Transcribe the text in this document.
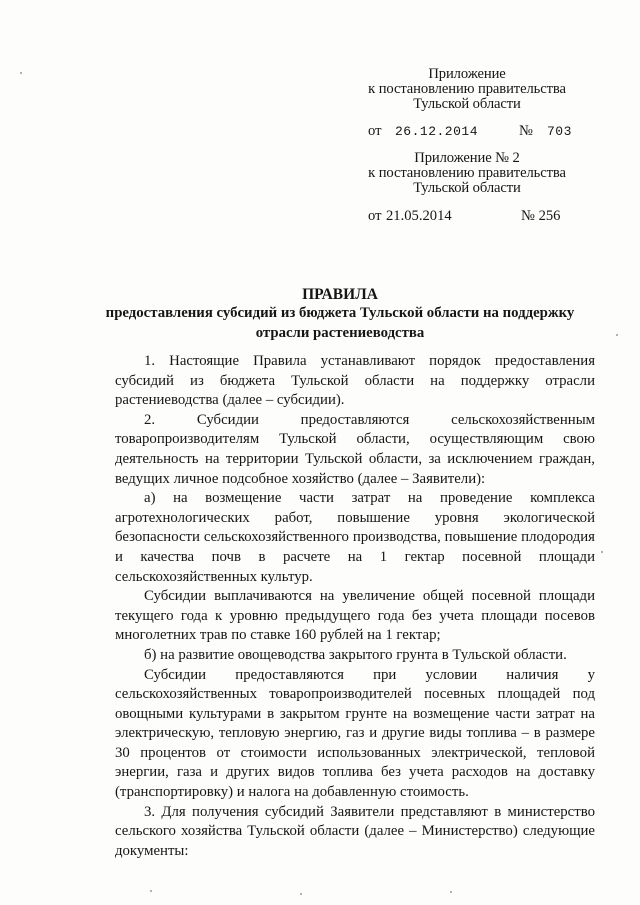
Приложение
к постановлению правительства
Тульской области
от 26.12.2014	№ 703
Приложение № 2
к постановлению правительства
Тульской области
от 21.05.2014	№ 256
ПРАВИЛА
предоставления субсидий из бюджета Тульской области на поддержку отрасли растениеводства

1. Настоящие Правила устанавливают порядок предоставления субсидий из бюджета Тульской области на поддержку отрасли растениеводства (далее – субсидии).

2. Субсидии предоставляются сельскохозяйственным товаропроизводителям Тульской области, осуществляющим свою деятельность на территории Тульской области, за исключением граждан, ведущих личное подсобное хозяйство (далее – Заявители):

а) на возмещение части затрат на проведение комплекса агротехнологических работ, повышение уровня экологической безопасности сельскохозяйственного производства, повышение плодородия и качества почв в расчете на 1 гектар посевной площади сельскохозяйственных культур.

Субсидии выплачиваются на увеличение общей посевной площади текущего года к уровню предыдущего года без учета площади посевов многолетних трав по ставке 160 рублей на 1 гектар;

б) на развитие овощеводства закрытого грунта в Тульской области.

Субсидии предоставляются при условии наличия у сельскохозяйственных товаропроизводителей посевных площадей под овощными культурами в закрытом грунте на возмещение части затрат на электрическую, тепловую энергию, газ и другие виды топлива – в размере 30 процентов от стоимости использованных электрической, тепловой энергии, газа и других видов топлива без учета расходов на доставку (транспортировку) и налога на добавленную стоимость.

3. Для получения субсидий Заявители представляют в министерство сельского хозяйства Тульской области (далее – Министерство) следующие документы:
